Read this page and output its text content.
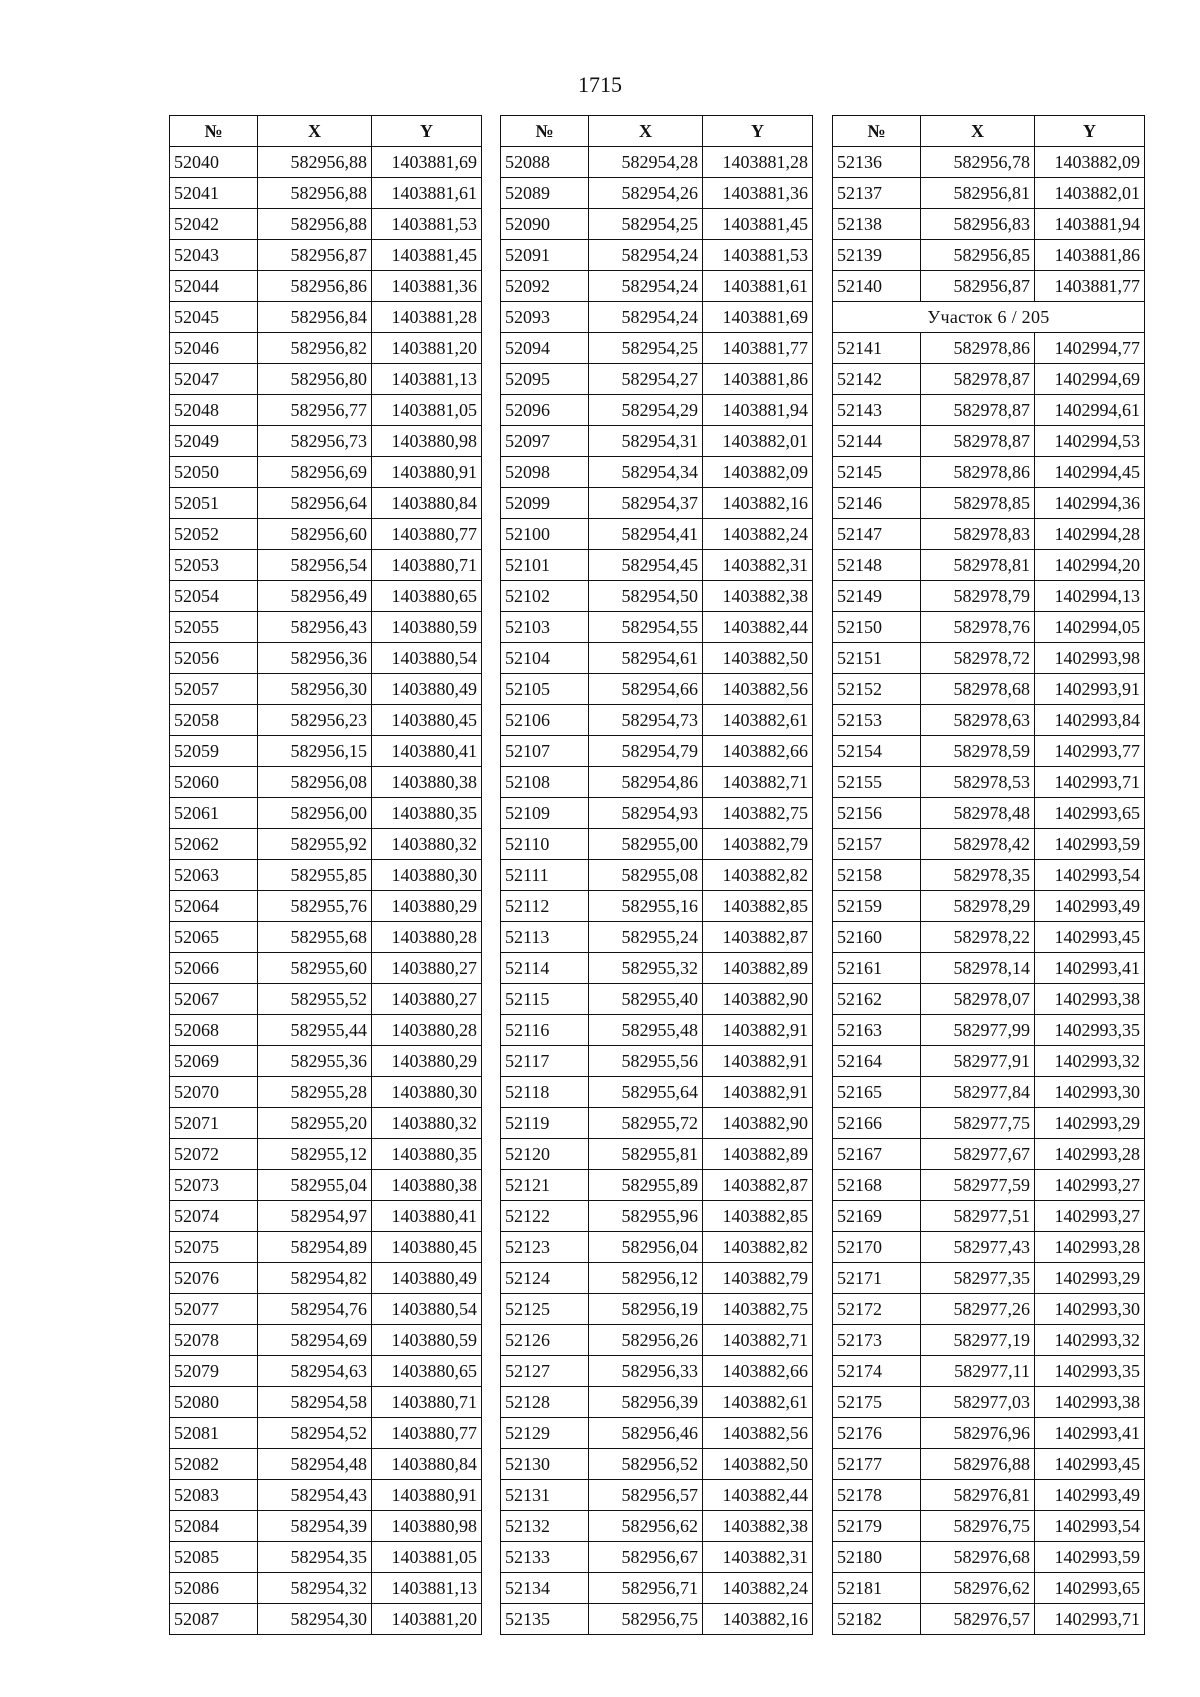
1715
№	X	Y
52040	582956,88	1403881,69
52041	582956,88	1403881,61
52042	582956,88	1403881,53
52043	582956,87	1403881,45
52044	582956,86	1403881,36
52045	582956,84	1403881,28
52046	582956,82	1403881,20
52047	582956,80	1403881,13
52048	582956,77	1403881,05
52049	582956,73	1403880,98
52050	582956,69	1403880,91
52051	582956,64	1403880,84
52052	582956,60	1403880,77
52053	582956,54	1403880,71
52054	582956,49	1403880,65
52055	582956,43	1403880,59
52056	582956,36	1403880,54
52057	582956,30	1403880,49
52058	582956,23	1403880,45
52059	582956,15	1403880,41
52060	582956,08	1403880,38
52061	582956,00	1403880,35
52062	582955,92	1403880,32
52063	582955,85	1403880,30
52064	582955,76	1403880,29
52065	582955,68	1403880,28
52066	582955,60	1403880,27
52067	582955,52	1403880,27
52068	582955,44	1403880,28
52069	582955,36	1403880,29
52070	582955,28	1403880,30
52071	582955,20	1403880,32
52072	582955,12	1403880,35
52073	582955,04	1403880,38
52074	582954,97	1403880,41
52075	582954,89	1403880,45
52076	582954,82	1403880,49
52077	582954,76	1403880,54
52078	582954,69	1403880,59
52079	582954,63	1403880,65
52080	582954,58	1403880,71
52081	582954,52	1403880,77
52082	582954,48	1403880,84
52083	582954,43	1403880,91
52084	582954,39	1403880,98
52085	582954,35	1403881,05
52086	582954,32	1403881,13
52087	582954,30	1403881,20
№	X	Y
52088	582954,28	1403881,28
52089	582954,26	1403881,36
52090	582954,25	1403881,45
52091	582954,24	1403881,53
52092	582954,24	1403881,61
52093	582954,24	1403881,69
52094	582954,25	1403881,77
52095	582954,27	1403881,86
52096	582954,29	1403881,94
52097	582954,31	1403882,01
52098	582954,34	1403882,09
52099	582954,37	1403882,16
52100	582954,41	1403882,24
52101	582954,45	1403882,31
52102	582954,50	1403882,38
52103	582954,55	1403882,44
52104	582954,61	1403882,50
52105	582954,66	1403882,56
52106	582954,73	1403882,61
52107	582954,79	1403882,66
52108	582954,86	1403882,71
52109	582954,93	1403882,75
52110	582955,00	1403882,79
52111	582955,08	1403882,82
52112	582955,16	1403882,85
52113	582955,24	1403882,87
52114	582955,32	1403882,89
52115	582955,40	1403882,90
52116	582955,48	1403882,91
52117	582955,56	1403882,91
52118	582955,64	1403882,91
52119	582955,72	1403882,90
52120	582955,81	1403882,89
52121	582955,89	1403882,87
52122	582955,96	1403882,85
52123	582956,04	1403882,82
52124	582956,12	1403882,79
52125	582956,19	1403882,75
52126	582956,26	1403882,71
52127	582956,33	1403882,66
52128	582956,39	1403882,61
52129	582956,46	1403882,56
52130	582956,52	1403882,50
52131	582956,57	1403882,44
52132	582956,62	1403882,38
52133	582956,67	1403882,31
52134	582956,71	1403882,24
52135	582956,75	1403882,16
№	X	Y
52136	582956,78	1403882,09
52137	582956,81	1403882,01
52138	582956,83	1403881,94
52139	582956,85	1403881,86
52140	582956,87	1403881,77
Участок 6 / 205		
52141	582978,86	1402994,77
52142	582978,87	1402994,69
52143	582978,87	1402994,61
52144	582978,87	1402994,53
52145	582978,86	1402994,45
52146	582978,85	1402994,36
52147	582978,83	1402994,28
52148	582978,81	1402994,20
52149	582978,79	1402994,13
52150	582978,76	1402994,05
52151	582978,72	1402993,98
52152	582978,68	1402993,91
52153	582978,63	1402993,84
52154	582978,59	1402993,77
52155	582978,53	1402993,71
52156	582978,48	1402993,65
52157	582978,42	1402993,59
52158	582978,35	1402993,54
52159	582978,29	1402993,49
52160	582978,22	1402993,45
52161	582978,14	1402993,41
52162	582978,07	1402993,38
52163	582977,99	1402993,35
52164	582977,91	1402993,32
52165	582977,84	1402993,30
52166	582977,75	1402993,29
52167	582977,67	1402993,28
52168	582977,59	1402993,27
52169	582977,51	1402993,27
52170	582977,43	1402993,28
52171	582977,35	1402993,29
52172	582977,26	1402993,30
52173	582977,19	1402993,32
52174	582977,11	1402993,35
52175	582977,03	1402993,38
52176	582976,96	1402993,41
52177	582976,88	1402993,45
52178	582976,81	1402993,49
52179	582976,75	1402993,54
52180	582976,68	1402993,59
52181	582976,62	1402993,65
52182	582976,57	1402993,71
